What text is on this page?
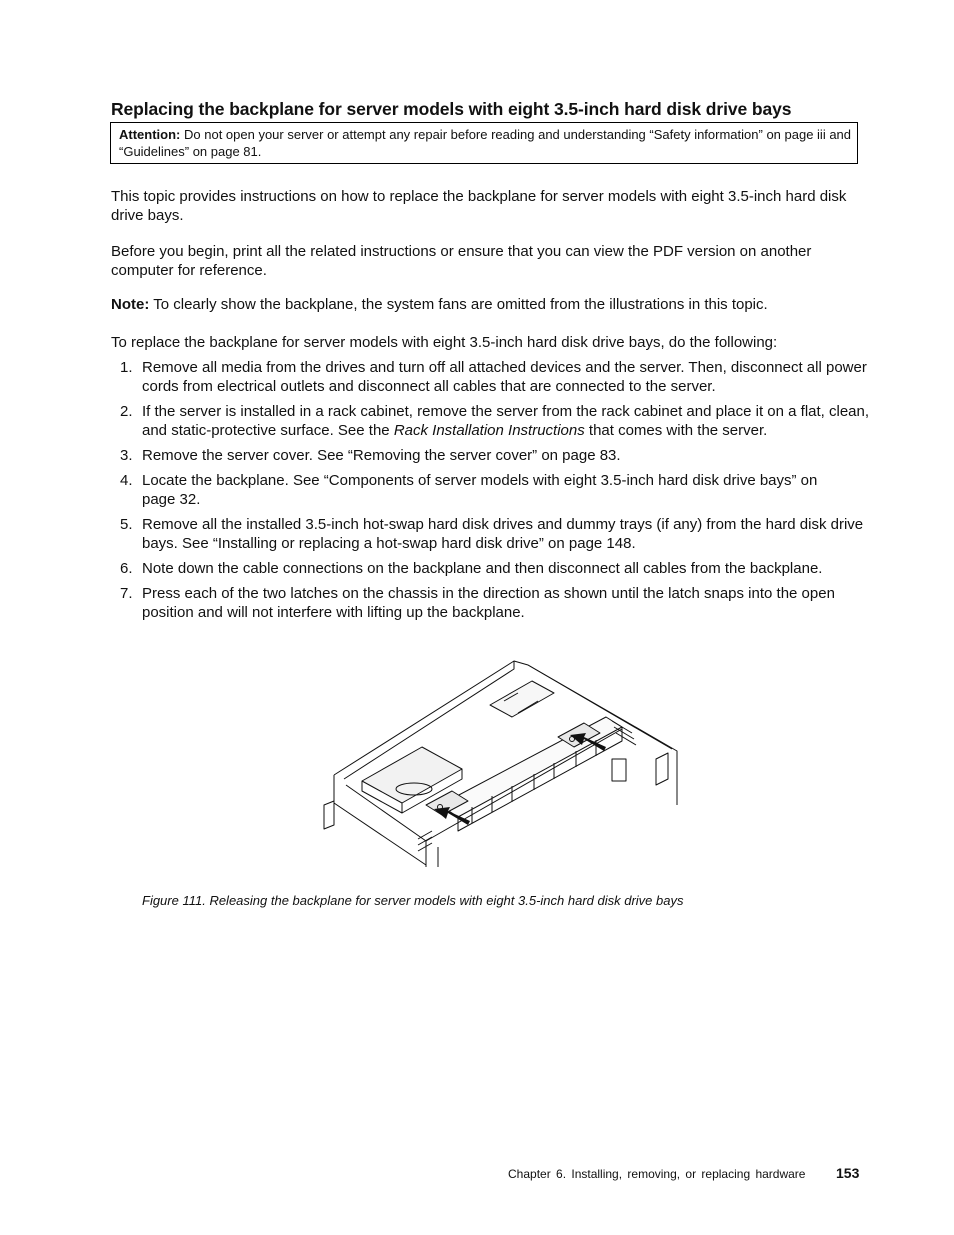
Replacing the backplane for server models with eight 3.5-inch hard disk drive bays
Attention: Do not open your server or attempt any repair before reading and understanding “Safety information” on page iii and “Guidelines” on page 81.

This topic provides instructions on how to replace the backplane for server models with eight 3.5-inch hard disk drive bays.

Before you begin, print all the related instructions or ensure that you can view the PDF version on another computer for reference.

Note: To clearly show the backplane, the system fans are omitted from the illustrations in this topic.

To replace the backplane for server models with eight 3.5-inch hard disk drive bays, do the following:

1. Remove all media from the drives and turn off all attached devices and the server. Then, disconnect all power cords from electrical outlets and disconnect all cables that are connected to the server.
2. If the server is installed in a rack cabinet, remove the server from the rack cabinet and place it on a flat, clean, and static-protective surface. See the Rack Installation Instructions that comes with the server.
3. Remove the server cover. See “Removing the server cover” on page 83.
4. Locate the backplane. See “Components of server models with eight 3.5-inch hard disk drive bays” on page 32.
5. Remove all the installed 3.5-inch hot-swap hard disk drives and dummy trays (if any) from the hard disk drive bays. See “Installing or replacing a hot-swap hard disk drive” on page 148.
6. Note down the cable connections on the backplane and then disconnect all cables from the backplane.
7. Press each of the two latches on the chassis in the direction as shown until the latch snaps into the open position and will not interfere with lifting up the backplane.

Figure 111. Releasing the backplane for server models with eight 3.5-inch hard disk drive bays

Chapter 6. Installing, removing, or replacing hardware 153
